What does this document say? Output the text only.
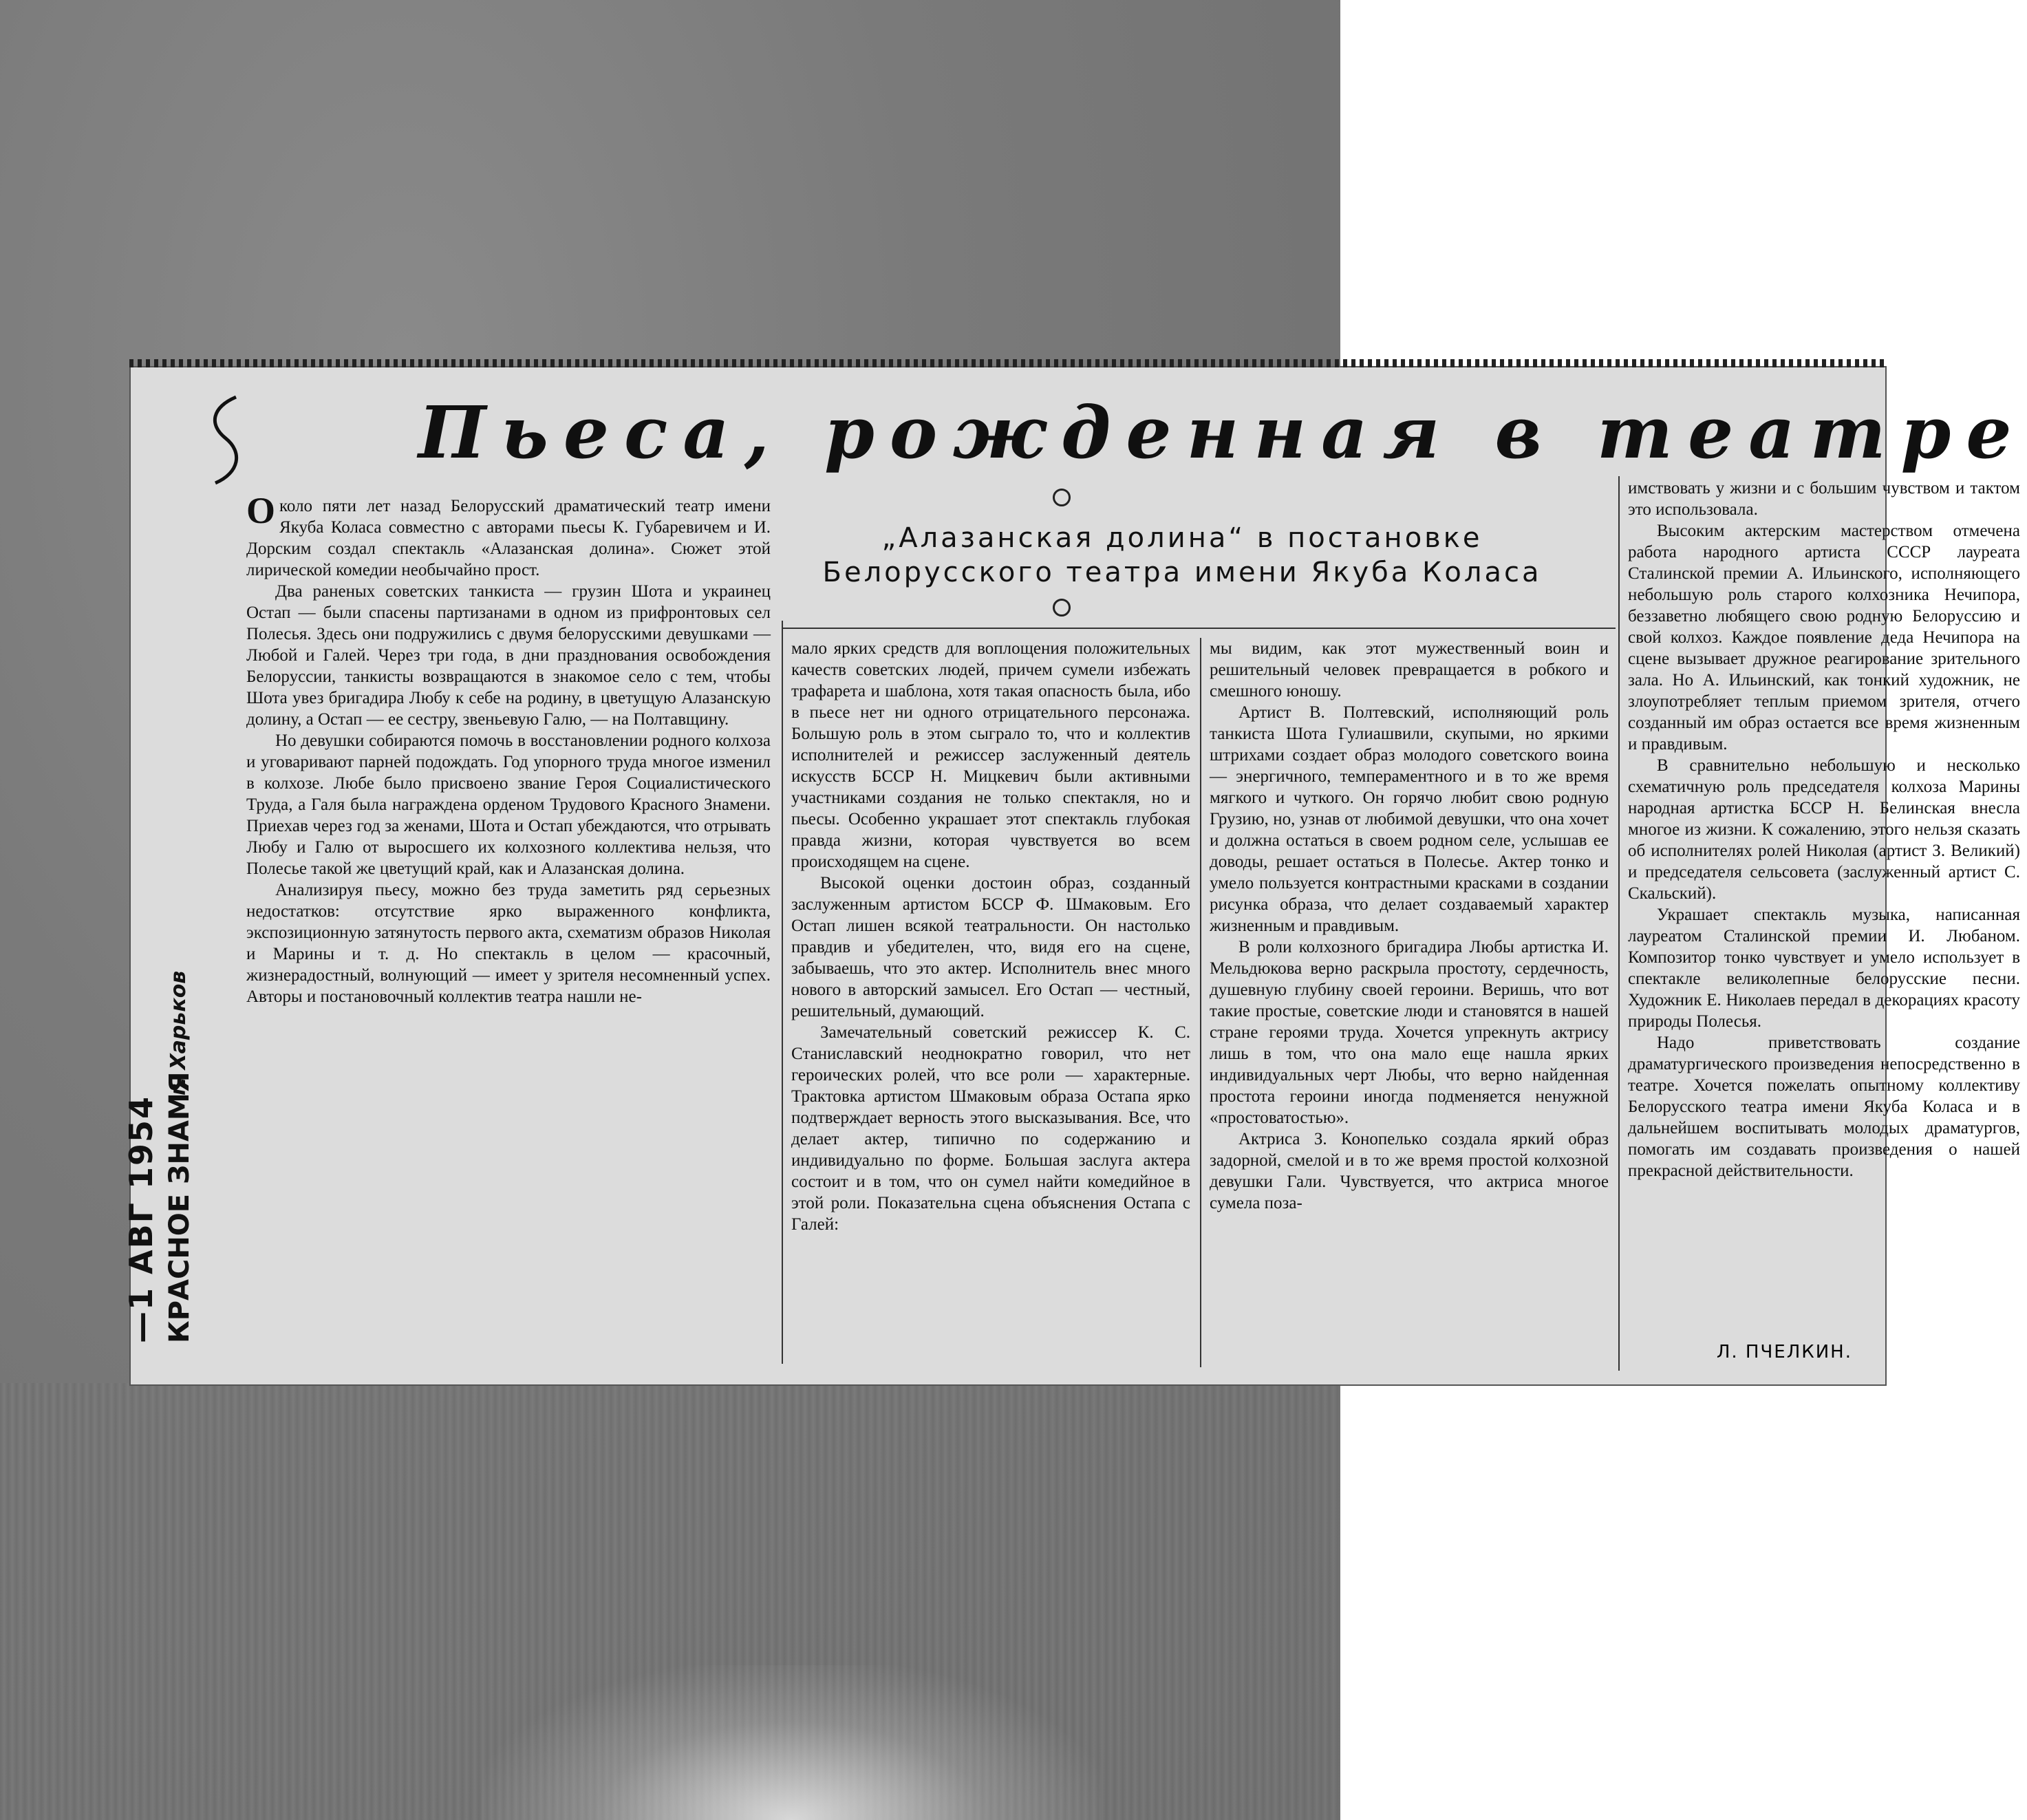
Пьеса, рожденная в театре
„Алазанская долина“ в постановке
Белорусского театра имени Якуба Коласа
—1 АВГ 1954 КРАСНОЕ ЗНАМЯ
г. Харьков

Около пяти лет назад Белорусский драматический театр имени Якуба Коласа совместно с авторами пьесы К. Губаревичем и И. Дорским создал спектакль «Алазанская долина». Сюжет этой лирической комедии необычайно прост.

Два раненых советских танкиста — грузин Шота и украинец Остап — были спасены партизанами в одном из прифронтовых сел Полесья. Здесь они подружились с двумя белорусскими девушками — Любой и Галей. Через три года, в дни празднования освобождения Белоруссии, танкисты возвращаются в знакомое село с тем, чтобы Шота увез бригадира Любу к себе на родину, в цветущую Алазанскую долину, а Остап — ее сестру, звеньевую Галю, — на Полтавщину.

Но девушки собираются помочь в восстановлении родного колхоза и уговаривают парней подождать. Год упорного труда многое изменил в колхозе. Любе было присвоено звание Героя Социалистического Труда, а Галя была награждена орденом Трудового Красного Знамени. Приехав через год за женами, Шота и Остап убеждаются, что отрывать Любу и Галю от выросшего их колхозного коллектива нельзя, что Полесье такой же цветущий край, как и Алазанская долина.

Анализируя пьесу, можно без труда заметить ряд серьезных недостатков: отсутствие ярко выраженного конфликта, экспозиционную затянутость первого акта, схематизм образов Николая и Марины и т. д. Но спектакль в целом — красочный, жизнерадостный, волнующий — имеет у зрителя несомненный успех. Авторы и постановочный коллектив театра нашли не-

мало ярких средств для воплощения положительных качеств советских людей, причем сумели избежать трафарета и шаблона, хотя такая опасность была, ибо в пьесе нет ни одного отрицательного персонажа. Большую роль в этом сыграло то, что и коллектив исполнителей и режиссер заслуженный деятель искусств БССР Н. Мицкевич были активными участниками создания не только спектакля, но и пьесы. Особенно украшает этот спектакль глубокая правда жизни, которая чувствуется во всем происходящем на сцене.

Высокой оценки достоин образ, созданный заслуженным артистом БССР Ф. Шмаковым. Его Остап лишен всякой театральности. Он настолько правдив и убедителен, что, видя его на сцене, забываешь, что это актер. Исполнитель внес много нового в авторский замысел. Его Остап — честный, решительный, думающий.

Замечательный советский режиссер К. С. Станиславский неоднократно говорил, что нет героических ролей, что все роли — характерные. Трактовка артистом Шмаковым образа Остапа ярко подтверждает верность этого высказывания. Все, что делает актер, типично по содержанию и индивидуально по форме. Большая заслуга актера состоит и в том, что он сумел найти комедийное в этой роли. Показательна сцена объяснения Остапа с Галей:

мы видим, как этот мужественный воин и решительный человек превращается в робкого и смешного юношу.

Артист В. Полтевский, исполняющий роль танкиста Шота Гулиашвили, скупыми, но яркими штрихами создает образ молодого советского воина — энергичного, темпераментного и в то же время мягкого и чуткого. Он горячо любит свою родную Грузию, но, узнав от любимой девушки, что она хочет и должна остаться в своем родном селе, услышав ее доводы, решает остаться в Полесье. Актер тонко и умело пользуется контрастными красками в создании рисунка образа, что делает создаваемый характер жизненным и правдивым.

В роли колхозного бригадира Любы артистка И. Мельдюкова верно раскрыла простоту, сердечность, душевную глубину своей героини. Веришь, что вот такие простые, советские люди и становятся в нашей стране героями труда. Хочется упрекнуть актрису лишь в том, что она мало еще нашла ярких индивидуальных черт Любы, что верно найденная простота героини иногда подменяется ненужной «простоватостью».

Актриса З. Конопелько создала яркий образ задорной, смелой и в то же время простой колхозной девушки Гали. Чувствуется, что актриса многое сумела поза-

имствовать у жизни и с большим чувством и тактом это использовала.

Высоким актерским мастерством отмечена работа народного артиста СССР лауреата Сталинской премии А. Ильинского, исполняющего небольшую роль старого колхозника Нечипора, беззаветно любящего свою родную Белоруссию и свой колхоз. Каждое появление деда Нечипора на сцене вызывает дружное реагирование зрительного зала. Но А. Ильинский, как тонкий художник, не злоупотребляет теплым приемом зрителя, отчего созданный им образ остается все время жизненным и правдивым.

В сравнительно небольшую и несколько схематичную роль председателя колхоза Марины народная артистка БССР Н. Белинская внесла многое из жизни. К сожалению, этого нельзя сказать об исполнителях ролей Николая (артист З. Великий) и председателя сельсовета (заслуженный артист С. Скальский).

Украшает спектакль музыка, написанная лауреатом Сталинской премии И. Любаном. Композитор тонко чувствует и умело использует в спектакле великолепные белорусские песни. Художник Е. Николаев передал в декорациях красоту природы Полесья.

Надо приветствовать создание драматургического произведения непосредственно в театре. Хочется пожелать опытному коллективу Белорусского театра имени Якуба Коласа и в дальнейшем воспитывать молодых драматургов, помогать им создавать произведения о нашей прекрасной действительности.

Л. ПЧЕЛКИН.
